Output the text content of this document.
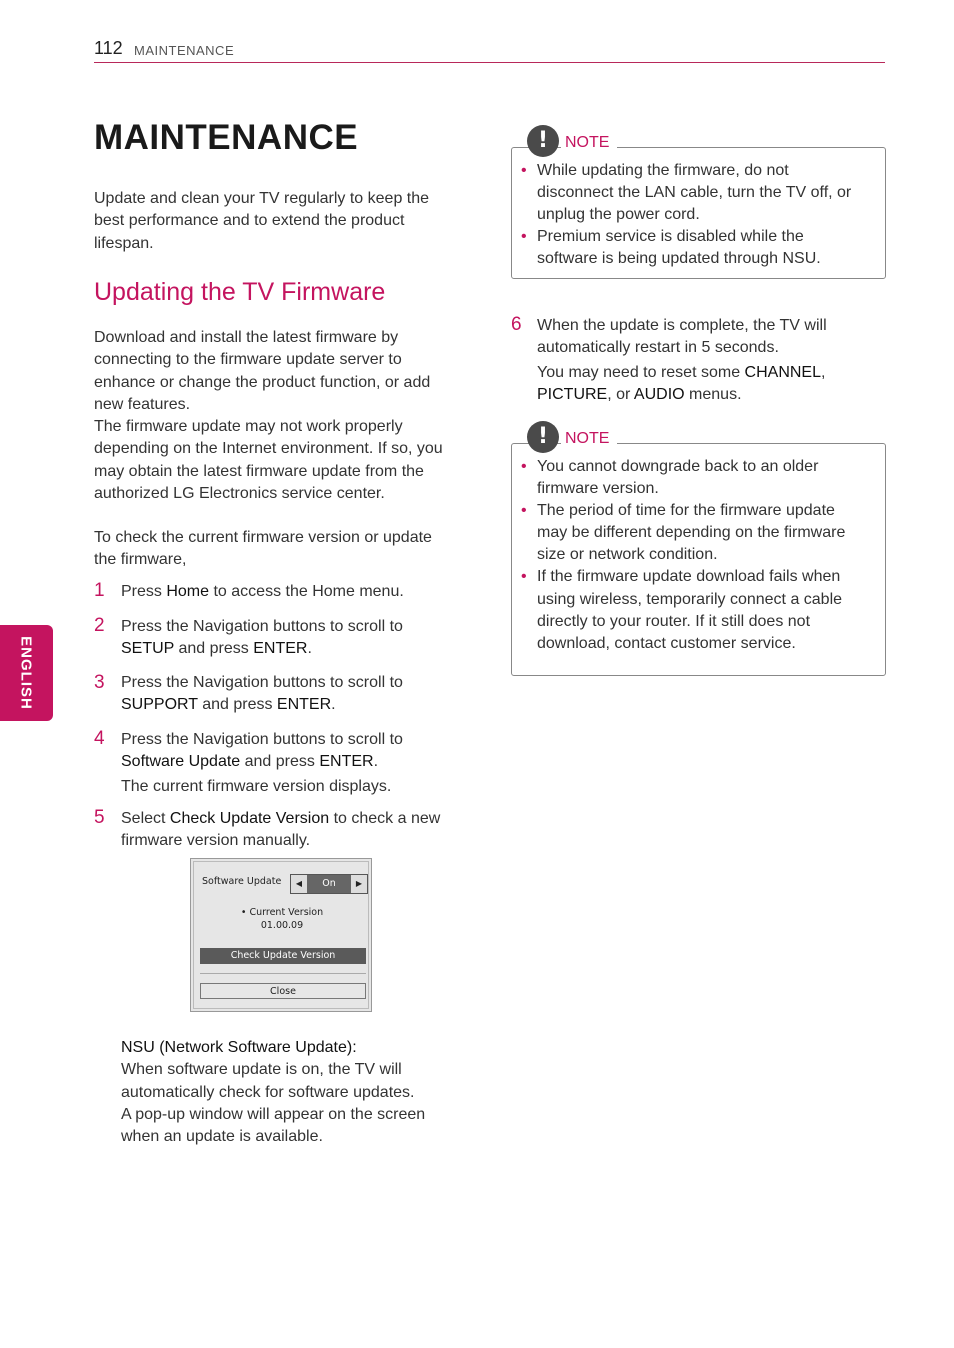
112 MAINTENANCE
ENGLISH
MAINTENANCE
Update and clean your TV regularly to keep the
best performance and to extend the product
lifespan.
Updating the TV Firmware
Download and install the latest firmware by
connecting to the firmware update server to
enhance or change the product function, or add
new features.
The firmware update may not work properly
depending on the Internet environment. If so, you
may obtain the latest firmware update from the
authorized LG Electronics service center.
To check the current firmware version or update
the firmware,
1 Press Home to access the Home menu.
2 Press the Navigation buttons to scroll to
SETUP and press ENTER.
3 Press the Navigation buttons to scroll to
SUPPORT and press ENTER.
4 Press the Navigation buttons to scroll to
Software Update and press ENTER.
The current firmware version displays.
5 Select Check Update Version to check a new
firmware version manually.
Software Update	◀	On	▶
• Current Version
01.00.09
Check Update Version
Close
NSU (Network Software Update):
When software update is on, the TV will
automatically check for software updates.
A pop-up window will appear on the screen
when an update is available.
!	NOTE
• While updating the firmware, do not
disconnect the LAN cable, turn the TV off, or
unplug the power cord.
• Premium service is disabled while the
software is being updated through NSU.
6 When the update is complete, the TV will
automatically restart in 5 seconds.
You may need to reset some CHANNEL,
PICTURE, or AUDIO menus.
!	NOTE
• You cannot downgrade back to an older
firmware version.
• The period of time for the firmware update
may be different depending on the firmware
size or network condition.
• If the firmware update download fails when
using wireless, temporarily connect a cable
directly to your router. If it still does not
download, contact customer service.
